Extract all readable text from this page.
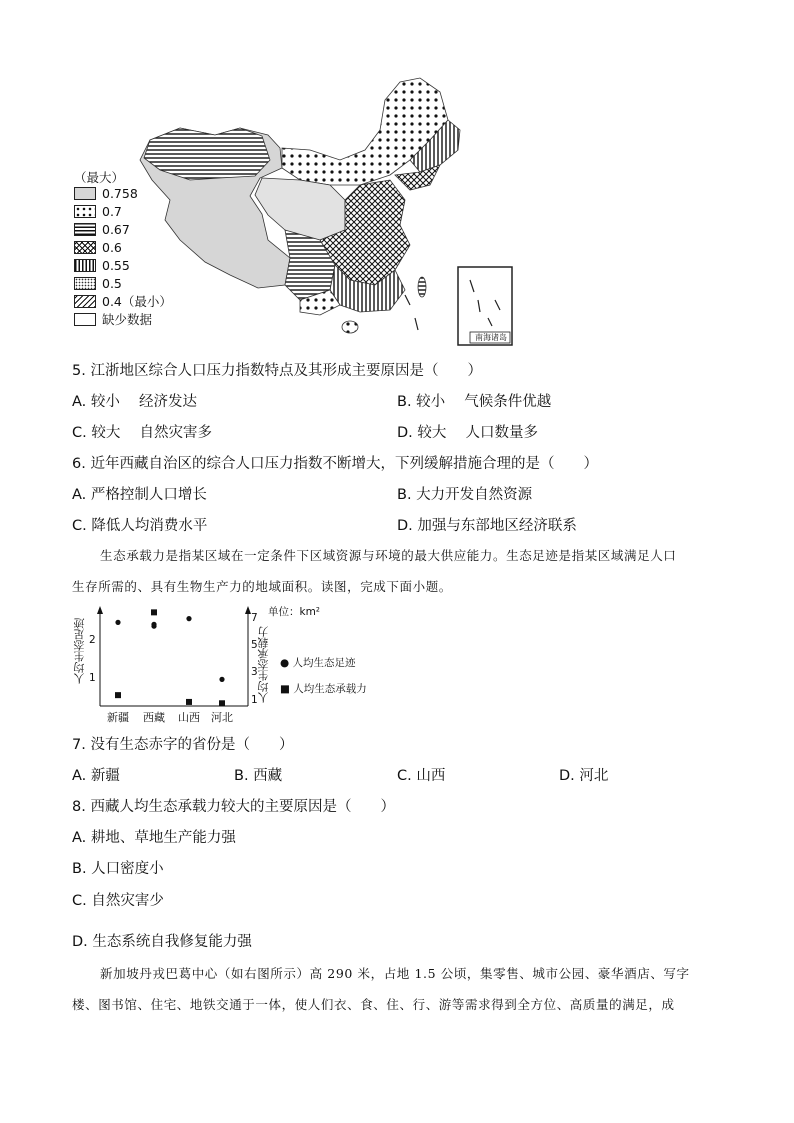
（最大）
0.758
0.7
0.67
0.6
0.55
0.5
0.4（最小）
缺少数据
南海诸岛
5. 江浙地区综合人口压力指数特点及其形成主要原因是（　　）
A. 较小　 经济发达	B. 较小　 气候条件优越
C. 较大　 自然灾害多	D. 较大　 人口数量多
6. 近年西藏自治区的综合人口压力指数不断增大，下列缓解措施合理的是（　　）
A. 严格控制人口增长	B. 大力开发自然资源
C. 降低人均消费水平	D. 加强与东部地区经济联系
生态承载力是指某区域在一定条件下区域资源与环境的最大供应能力。生态足迹是指某区域满足人口
生存所需的、具有生物生产力的地域面积。读图，完成下面小题。
人均生态足迹	人均生态承载力
单位：km²
新疆	西藏	山西	河北
1
2
1
3
5
7
● 人均生态足迹
■ 人均生态承载力
7. 没有生态赤字的省份是（　　）
A. 新疆	B. 西藏	C. 山西	D. 河北
8. 西藏人均生态承载力较大的主要原因是（　　）
A. 耕地、草地生产能力强
B. 人口密度小
C. 自然灾害少
D. 生态系统自我修复能力强
新加坡丹戎巴葛中心（如右图所示）高 290 米，占地 1.5 公顷，集零售、城市公园、豪华酒店、写字
楼、图书馆、住宅、地铁交通于一体，使人们衣、食、住、行、游等需求得到全方位、高质量的满足，成
